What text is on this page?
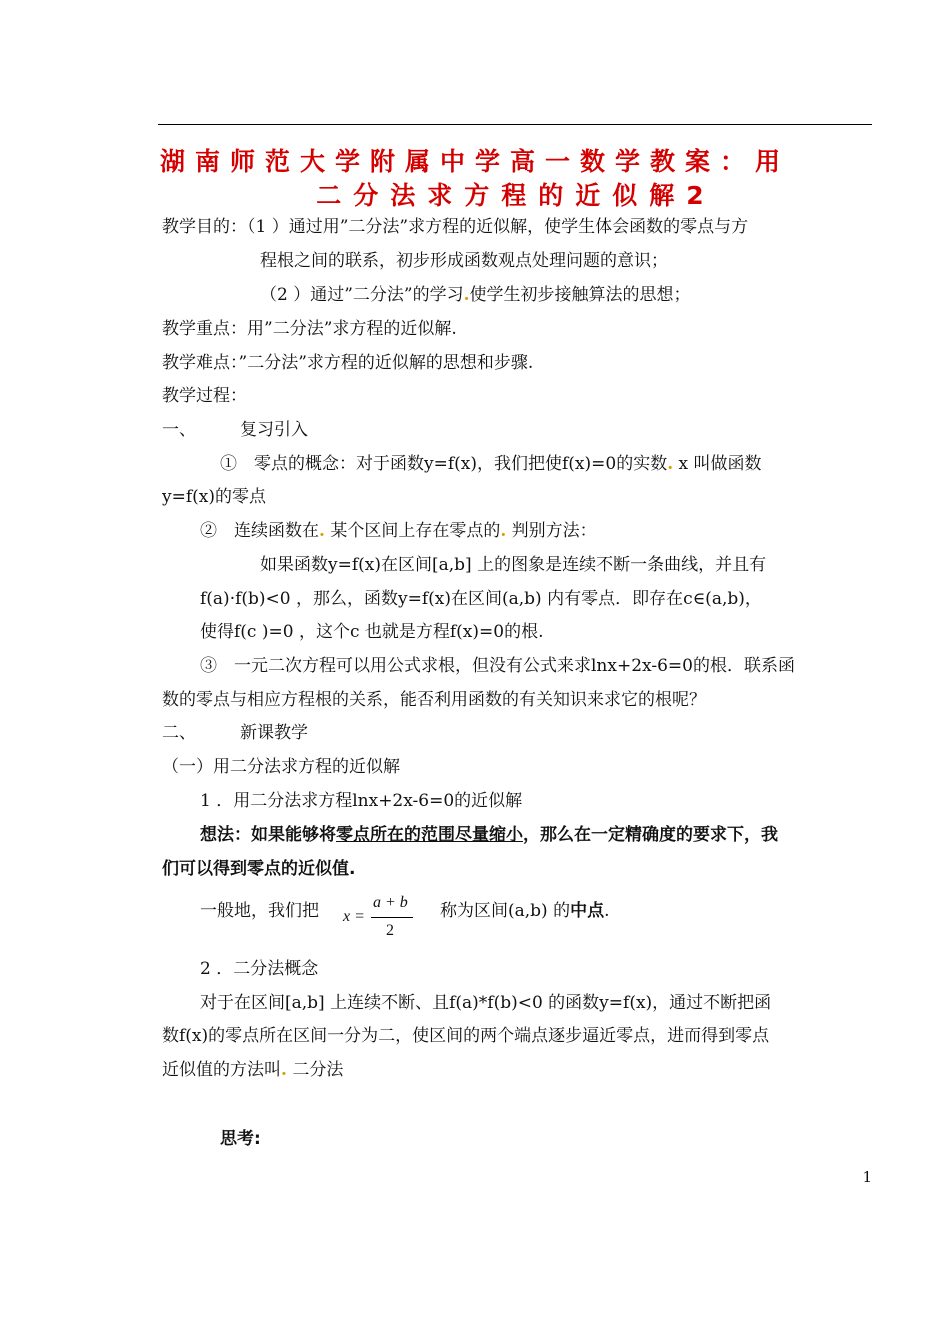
湖南师范大学附属中学高一数学教案：用
二分法求方程的近似解2
教学目的：（1 ）通过用”二分法”求方程的近似解，使学生体会函数的零点与方
程根之间的联系，初步形成函数观点处理问题的意识；
（2 ）通过”二分法”的学习.使学生初步接触算法的思想；
教学重点：用”二分法”求方程的近似解.
教学难点：”二分法”求方程的近似解的思想和步骤.
教学过程：
一、	复习引入
①　零点的概念：对于函数y=f(x)，我们把使f(x)=0的实数. x 叫做函数
y=f(x)的零点
②　连续函数在. 某个区间上存在零点的. 判别方法：
如果函数y=f(x)在区间[a,b] 上的图象是连续不断一条曲线，并且有
f(a)·f(b)<0 ，那么，函数y=f(x)在区间(a,b) 内有零点．即存在c∈(a,b)，
使得f(c )=0 ，这个c 也就是方程f(x)=0的根.
③　一元二次方程可以用公式求根，但没有公式来求lnx+2x-6=0的根．联系函
数的零点与相应方程根的关系，能否利用函数的有关知识来求它的根呢？
二、	新课教学
（一）用二分法求方程的近似解
1 ．用二分法求方程lnx+2x-6=0的近似解
想法：如果能够将零点所在的范围尽量缩小，那么在一定精确度的要求下，我
们可以得到零点的近似值.
一般地，我们把 x =
a + b
2
称为区间(a,b) 的中点.
2 ．二分法概念
对于在区间[a,b] 上连续不断、且f(a)*f(b)<0 的函数y=f(x)，通过不断把函
数f(x)的零点所在区间一分为二，使区间的两个端点逐步逼近零点，进而得到零点
近似值的方法叫. 二分法
思考:
1
